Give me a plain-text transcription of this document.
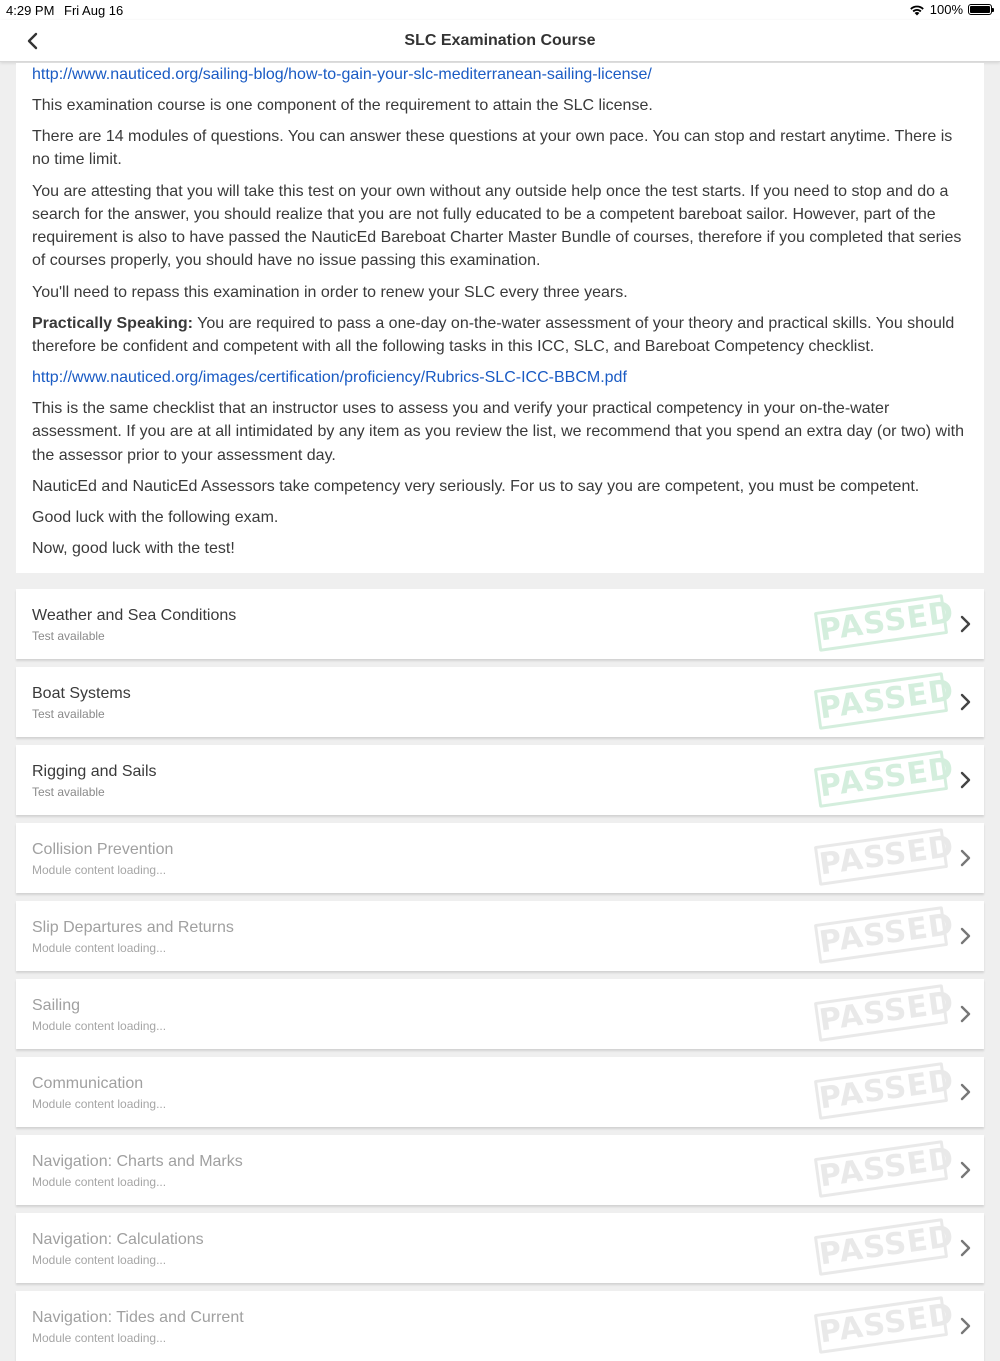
4:29 PM Fri Aug 16	100%
SLC Examination Course

http://www.nauticed.org/sailing-blog/how-to-gain-your-slc-mediterranean-sailing-license/

This examination course is one component of the requirement to attain the SLC license.

There are 14 modules of questions. You can answer these questions at your own pace. You can stop and restart anytime. There is no time limit.

You are attesting that you will take this test on your own without any outside help once the test starts. If you need to stop and do a search for the answer, you should realize that you are not fully educated to be a competent bareboat sailor. However, part of the requirement is also to have passed the NauticEd Bareboat Charter Master Bundle of courses, therefore if you completed that series of courses properly, you should have no issue passing this examination.

You'll need to repass this examination in order to renew your SLC every three years.

Practically Speaking: You are required to pass a one-day on-the-water assessment of your theory and practical skills. You should therefore be confident and competent with all the following tasks in this ICC, SLC, and Bareboat Competency checklist.

http://www.nauticed.org/images/certification/proficiency/Rubrics-SLC-ICC-BBCM.pdf

This is the same checklist that an instructor uses to assess you and verify your practical competency in your on-the-water assessment. If you are at all intimidated by any item as you review the list, we recommend that you spend an extra day (or two) with the assessor prior to your assessment day.

NauticEd and NauticEd Assessors take competency very seriously. For us to say you are competent, you must be competent.

Good luck with the following exam.

Now, good luck with the test!

Weather and Sea Conditions
Test available	PASSED
Boat Systems
Test available	PASSED
Rigging and Sails
Test available	PASSED
Collision Prevention
Module content loading...	PASSED
Slip Departures and Returns
Module content loading...	PASSED
Sailing
Module content loading...	PASSED
Communication
Module content loading...	PASSED
Navigation: Charts and Marks
Module content loading...	PASSED
Navigation: Calculations
Module content loading...	PASSED
Navigation: Tides and Current
Module content loading...	PASSED
